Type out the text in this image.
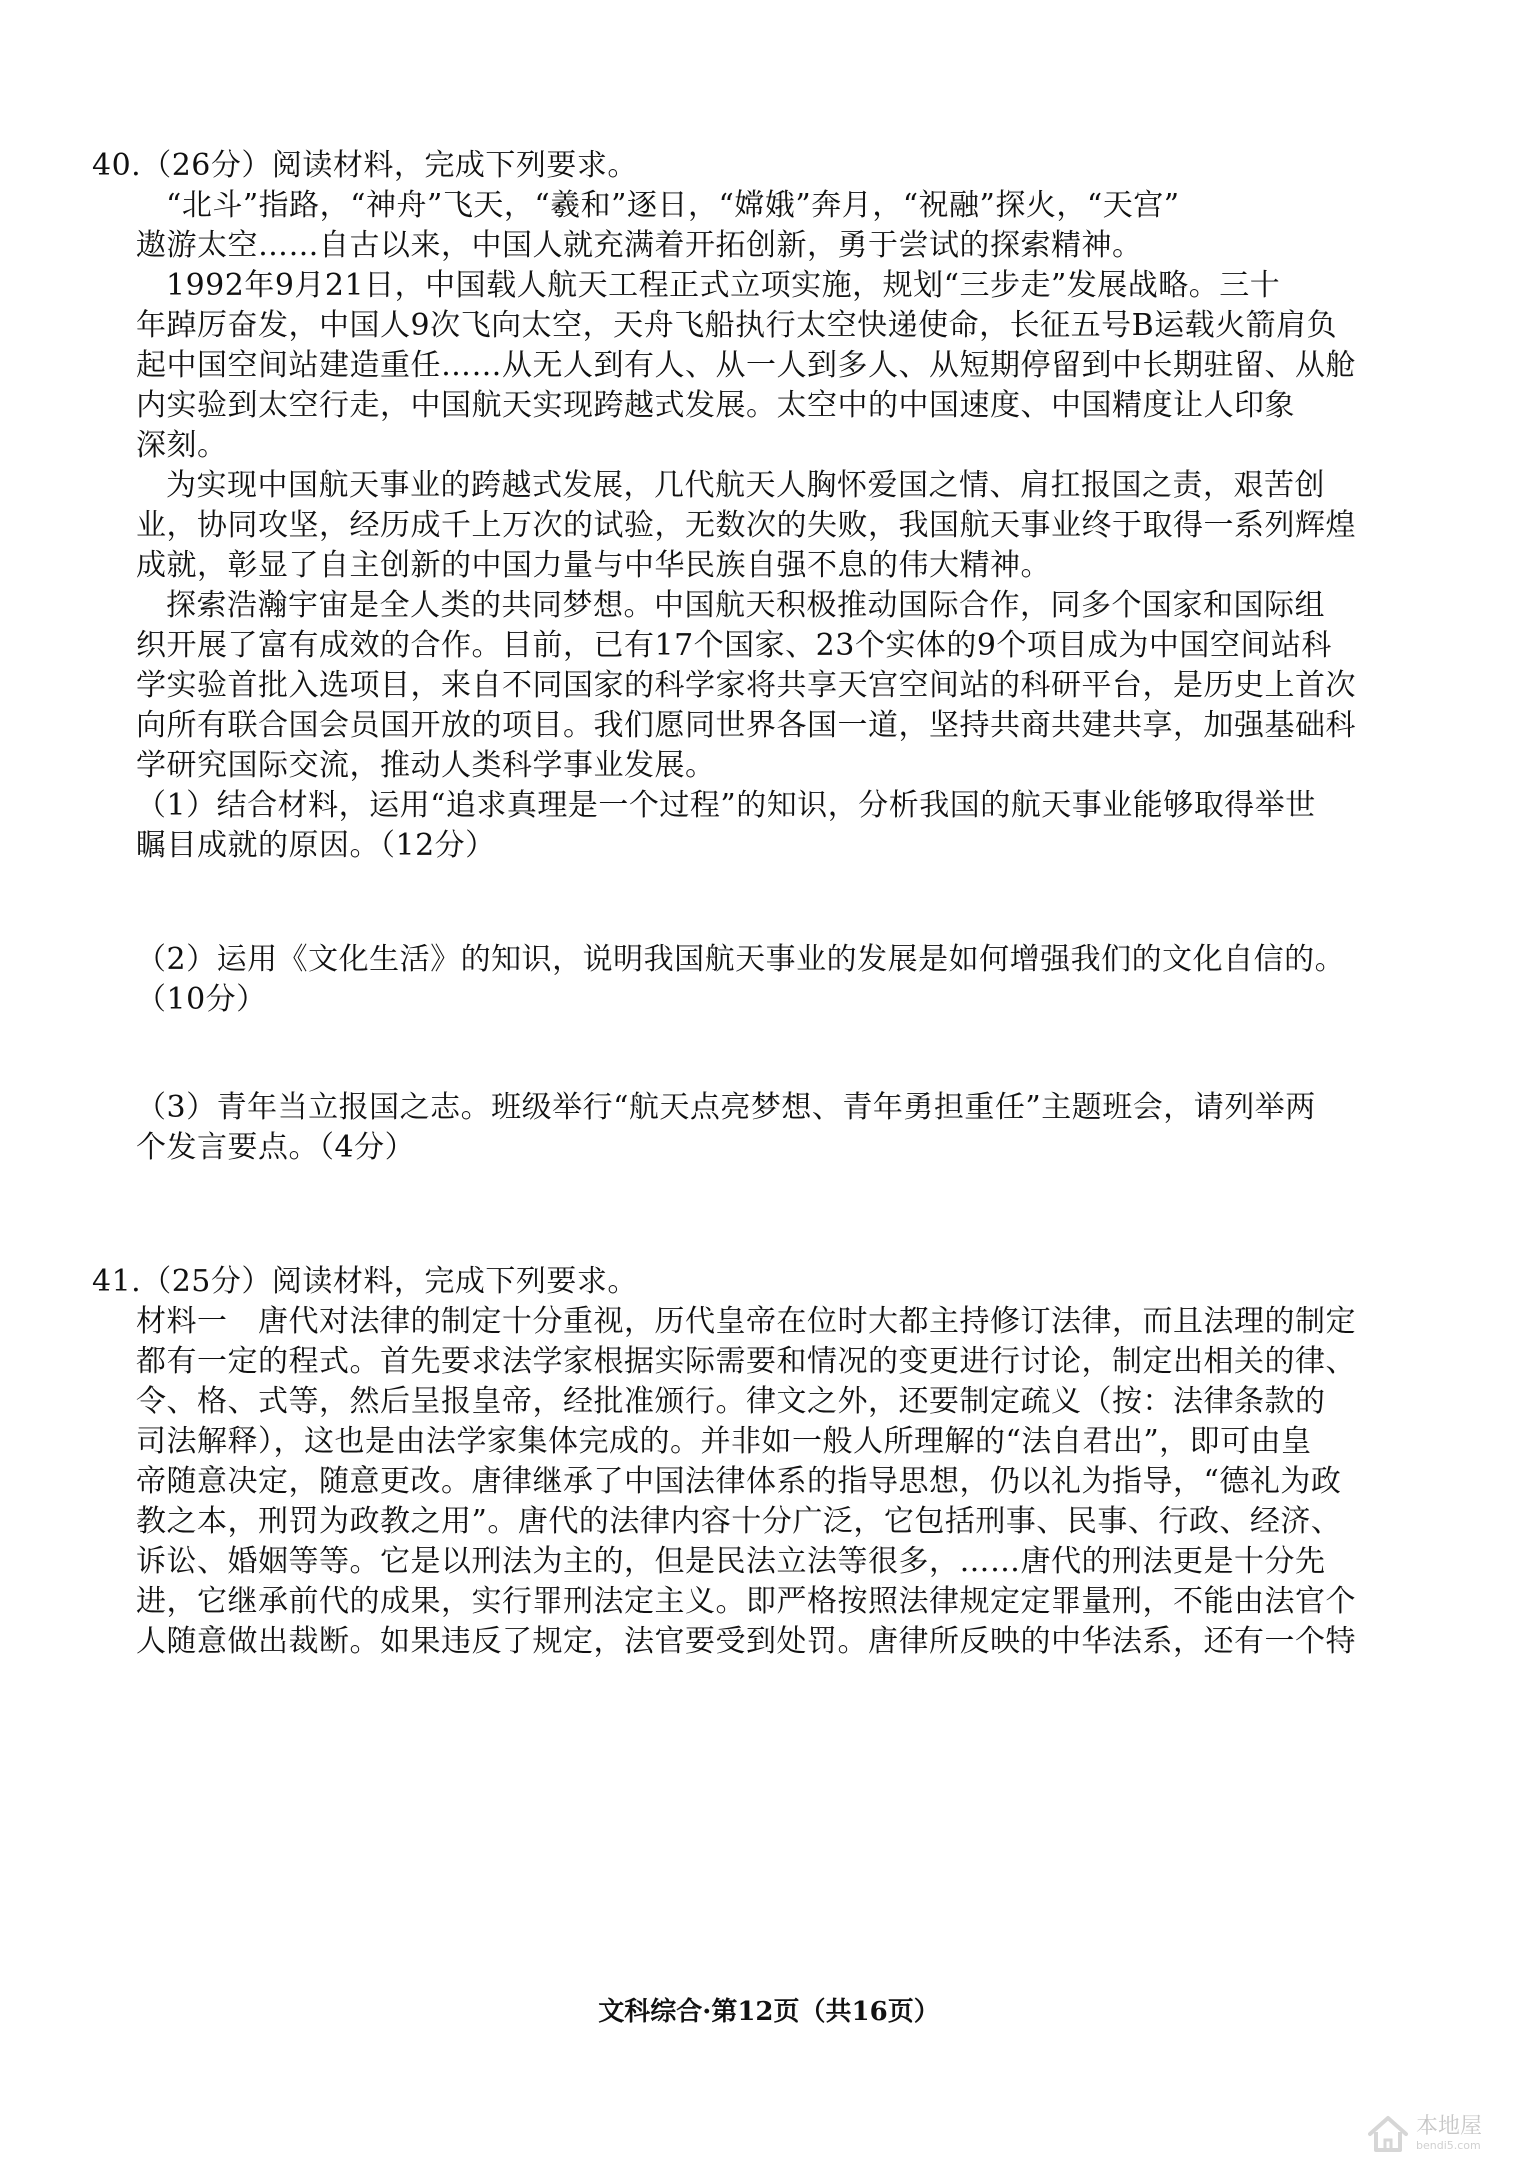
40.（26分）阅读材料，完成下列要求。
“北斗”指路，“神舟”飞天，“羲和”逐日，“嫦娥”奔月，“祝融”探火，“天宫”
遨游太空……自古以来，中国人就充满着开拓创新，勇于尝试的探索精神。
1992年9月21日，中国载人航天工程正式立项实施，规划“三步走”发展战略。三十
年踔厉奋发，中国人9次飞向太空，天舟飞船执行太空快递使命，长征五号B运载火箭肩负
起中国空间站建造重任……从无人到有人、从一人到多人、从短期停留到中长期驻留、从舱
内实验到太空行走，中国航天实现跨越式发展。太空中的中国速度、中国精度让人印象
深刻。
为实现中国航天事业的跨越式发展，几代航天人胸怀爱国之情、肩扛报国之责，艰苦创
业，协同攻坚，经历成千上万次的试验，无数次的失败，我国航天事业终于取得一系列辉煌
成就，彰显了自主创新的中国力量与中华民族自强不息的伟大精神。
探索浩瀚宇宙是全人类的共同梦想。中国航天积极推动国际合作，同多个国家和国际组
织开展了富有成效的合作。目前，已有17个国家、23个实体的9个项目成为中国空间站科
学实验首批入选项目，来自不同国家的科学家将共享天宫空间站的科研平台，是历史上首次
向所有联合国会员国开放的项目。我们愿同世界各国一道，坚持共商共建共享，加强基础科
学研究国际交流，推动人类科学事业发展。
（1）结合材料，运用“追求真理是一个过程”的知识，分析我国的航天事业能够取得举世
瞩目成就的原因。（12分）
（2）运用《文化生活》的知识，说明我国航天事业的发展是如何增强我们的文化自信的。
（10分）
（3）青年当立报国之志。班级举行“航天点亮梦想、青年勇担重任”主题班会，请列举两
个发言要点。（4分）
41.（25分）阅读材料，完成下列要求。
材料一　唐代对法律的制定十分重视，历代皇帝在位时大都主持修订法律，而且法理的制定
都有一定的程式。首先要求法学家根据实际需要和情况的变更进行讨论，制定出相关的律、
令、格、式等，然后呈报皇帝，经批准颁行。律文之外，还要制定疏义（按：法律条款的
司法解释），这也是由法学家集体完成的。并非如一般人所理解的“法自君出”，即可由皇
帝随意决定，随意更改。唐律继承了中国法律体系的指导思想，仍以礼为指导，“德礼为政
教之本，刑罚为政教之用”。唐代的法律内容十分广泛，它包括刑事、民事、行政、经济、
诉讼、婚姻等等。它是以刑法为主的，但是民法立法等很多，……唐代的刑法更是十分先
进，它继承前代的成果，实行罪刑法定主义。即严格按照法律规定定罪量刑，不能由法官个
人随意做出裁断。如果违反了规定，法官要受到处罚。唐律所反映的中华法系，还有一个特
文科综合·第12页（共16页）
本地屋
bendi5.com
